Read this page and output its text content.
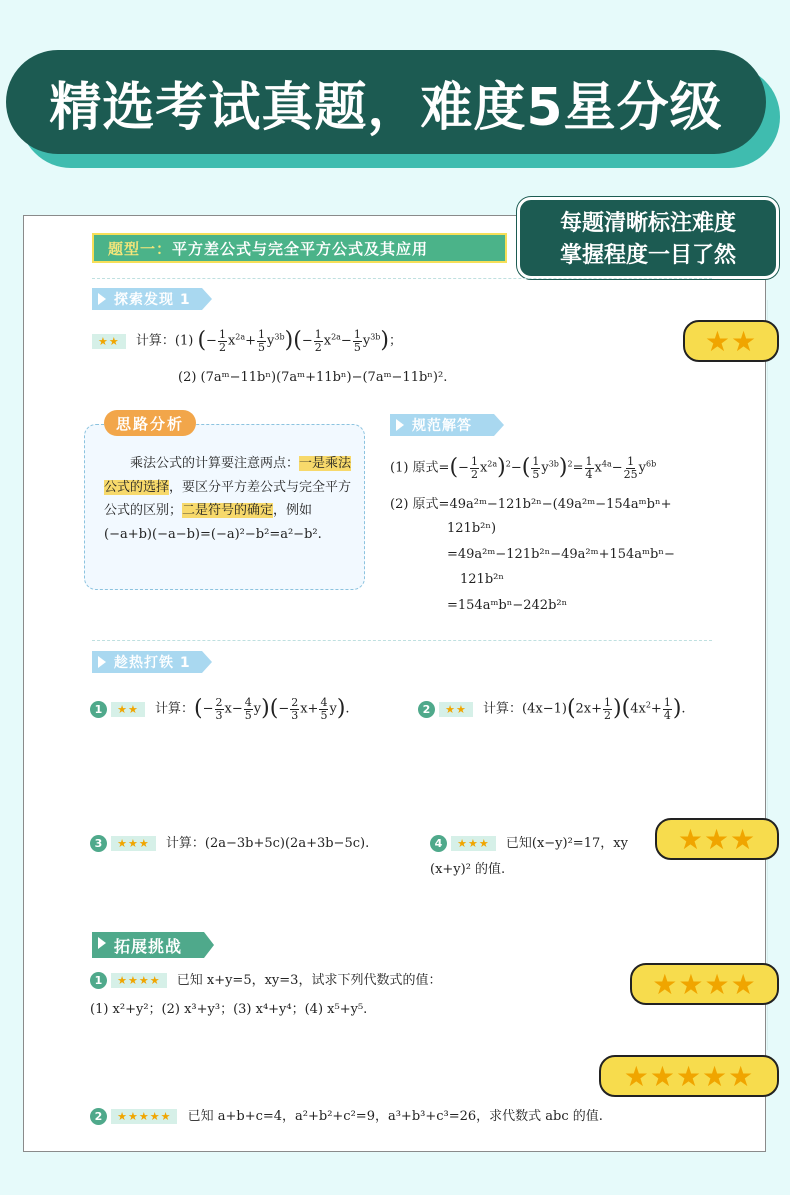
精选考试真题，难度5星分级
题型一： 平方差公式与完全平方公式及其应用
每题清晰标注难度
掌握程度一目了然
探索发现 1
★★ 计算：(1) (− $\frac{1}{2} x^{2a}+ \frac{1}{5} y^{3b})(- \frac{1}{2} x^{2a}- \frac{1}{5} y^{3b})$；
(2) (7aᵐ−11bⁿ)(7aᵐ+11bⁿ)−(7aᵐ−11bⁿ)².
★★
思路分析
乘法公式的计算要注意两点：一是乘法公式的选择，要区分平方差公式与完全平方公式的区别；二是符号的确定，例如(−a+b)(−a−b)=(−a)²−b²=a²−b².
规范解答
(1) 原式=(− $\frac{1}{2} x^{2a})^2-( \frac{1}{5} y^{3b})^2= \frac{1}{4} x^{4a}- \frac{1}{25} y^{6b}$
(2) 原式=49a²ᵐ−121b²ⁿ−(49a²ᵐ−154aᵐbⁿ+
121b²ⁿ)
=49a²ᵐ−121b²ⁿ−49a²ᵐ+154aᵐbⁿ−
121b²ⁿ
=154aᵐbⁿ−242b²ⁿ
趁热打铁 1
1 ★★ 计算：(− $\frac{2}{3} x- \frac{4}{5} y)(- \frac{2}{3} x+ \frac{4}{5} y)$.	2 ★★ 计算：$(4x-1)(2x+ \frac{1}{2} )(4x^2+ \frac{1}{4}$ ).
3 ★★★ 计算：(2a−3b+5c)(2a+3b−5c).	4 ★★★ 已知(x−y)²=17，xy
(x+y)² 的值.
★★★
拓展挑战
1 ★★★★ 已知 x+y=5，xy=3，试求下列代数式的值：
(1) x²+y²；(2) x³+y³；(3) x⁴+y⁴；(4) x⁵+y⁵.
★★★★
★★★★★
2 ★★★★★ 已知 a+b+c=4，a²+b²+c²=9，a³+b³+c³=26，求代数式 abc 的值.
